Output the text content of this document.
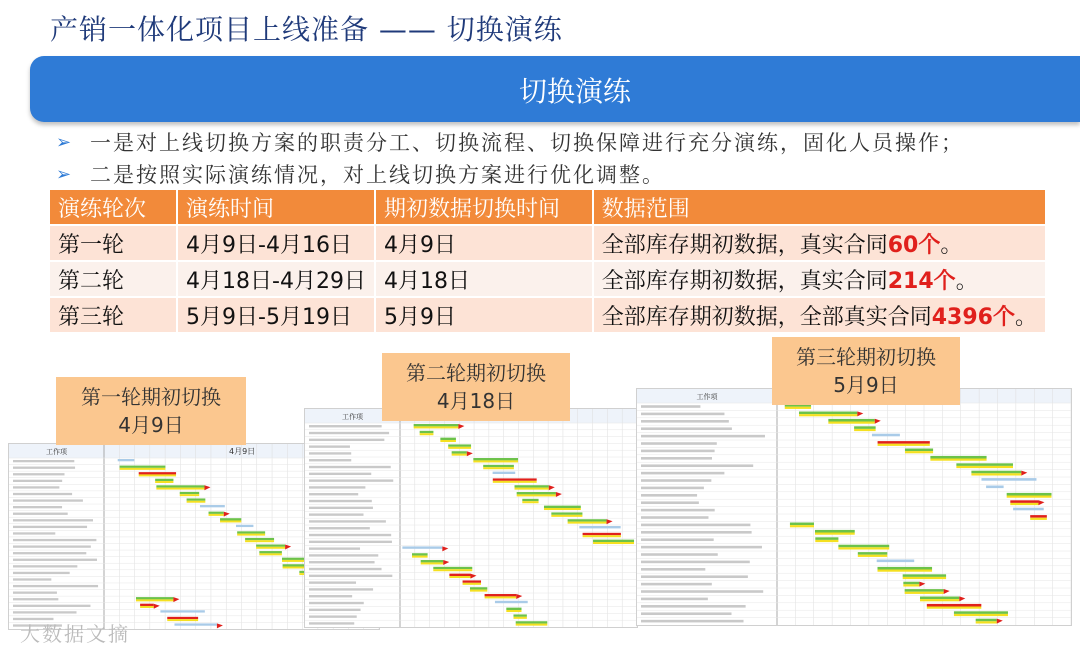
产销一体化项目上线准备 —— 切换演练
切换演练
➢ 一是对上线切换方案的职责分工、切换流程、切换保障进行充分演练，固化人员操作；
➢ 二是按照实际演练情况，对上线切换方案进行优化调整。
演练轮次	演练时间	期初数据切换时间	数据范围
第一轮	4月9日-4月16日	4月9日	全部库存期初数据，真实合同60个。
第二轮	4月18日-4月29日	4月18日	全部库存期初数据，真实合同214个。
第三轮	5月9日-5月19日	5月9日	全部库存期初数据，全部真实合同4396个。
工作项	4月9日
工作项
工作项
第一轮期初切换
4月9日
第二轮期初切换
4月18日
第三轮期初切换
5月9日
大数据文摘
